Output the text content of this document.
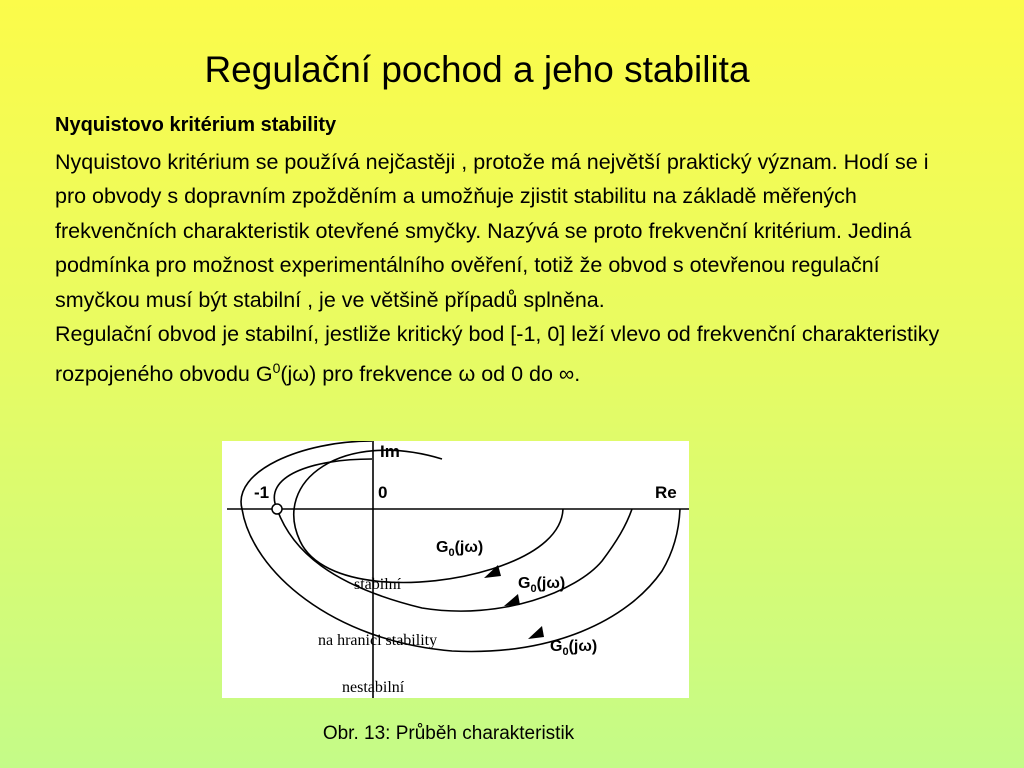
Regulační pochod a jeho stabilita
Nyquistovo kritérium stability

Nyquistovo kritérium se používá nejčastěji , protože má největší praktický význam. Hodí se i pro obvody s dopravním zpožděním a umožňuje zjistit stabilitu na základě měřených frekvenčních charakteristik otevřené smyčky. Nazývá se proto frekvenční kritérium. Jediná podmínka pro možnost experimentálního ověření, totiž že obvod s otevřenou regulační smyčkou musí být stabilní , je ve většině případů splněna.

Regulační obvod je stabilní, jestliže kritický bod [-1, 0] leží vlevo od frekvenční charakteristiky rozpojeného obvodu $G^0(j\omega)$ pro frekvence ω od 0 do ∞.

Im
Re
0
-1
$G_0(j\omega)$
$G_0(j\omega)$
$G_0(j\omega)$
stabilní
na hranici stability
nestabilní
Obr. 13: Průběh charakteristik
